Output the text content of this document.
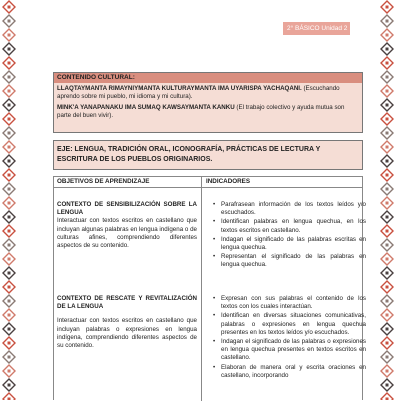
2° BÁSICO Unidad 2
CONTENIDO CULTURAL:

LLAQTAYMANTA RIMAYNIYMANTA KULTURAYMANTA IMA UYARISPA YACHAQANI. (Escuchando aprendo sobre mi pueblo, mi idioma y mi cultura).

MINK'A YANAPANAKU IMA SUMAQ KAWSAYMANTA KANKU (El trabajo colectivo y ayuda mutua son parte del buen vivir).

EJE: LENGUA, TRADICIÓN ORAL, ICONOGRAFÍA, PRÁCTICAS DE LECTURA Y ESCRITURA DE LOS PUEBLOS ORIGINARIOS.
OBJETIVOS DE APRENDIZAJE	INDICADORES
CONTEXTO DE SENSIBILIZACIÓN SOBRE LA LENGUA
Interactuar con textos escritos en castellano que incluyan algunas palabras en lengua indígena o de culturas afines, comprendiendo diferentes aspectos de su contenido.
• Parafrasean información de los textos leídos y/o escuchados.
• Identifican palabras en lengua quechua, en los textos escritos en castellano.
• Indagan el significado de las palabras escritas en lengua quechua.
• Representan el significado de las palabras en lengua quechua.
CONTEXTO DE RESCATE Y REVITALIZACIÓN DE LA LENGUA
Interactuar con textos escritos en castellano que incluyan palabras o expresiones en lengua indígena, comprendiendo diferentes aspectos de su contenido.
• Expresan con sus palabras el contenido de los textos con los cuales interactúan.
• Identifican en diversas situaciones comunicativas, palabras o expresiones en lengua quechua presentes en los textos leídos y/o escuchados.
• Indagan el significado de las palabras o expresiones en lengua quechua presentes en textos escritos en castellano.
• Elaboran de manera oral y escrita oraciones en castellano, incorporando
